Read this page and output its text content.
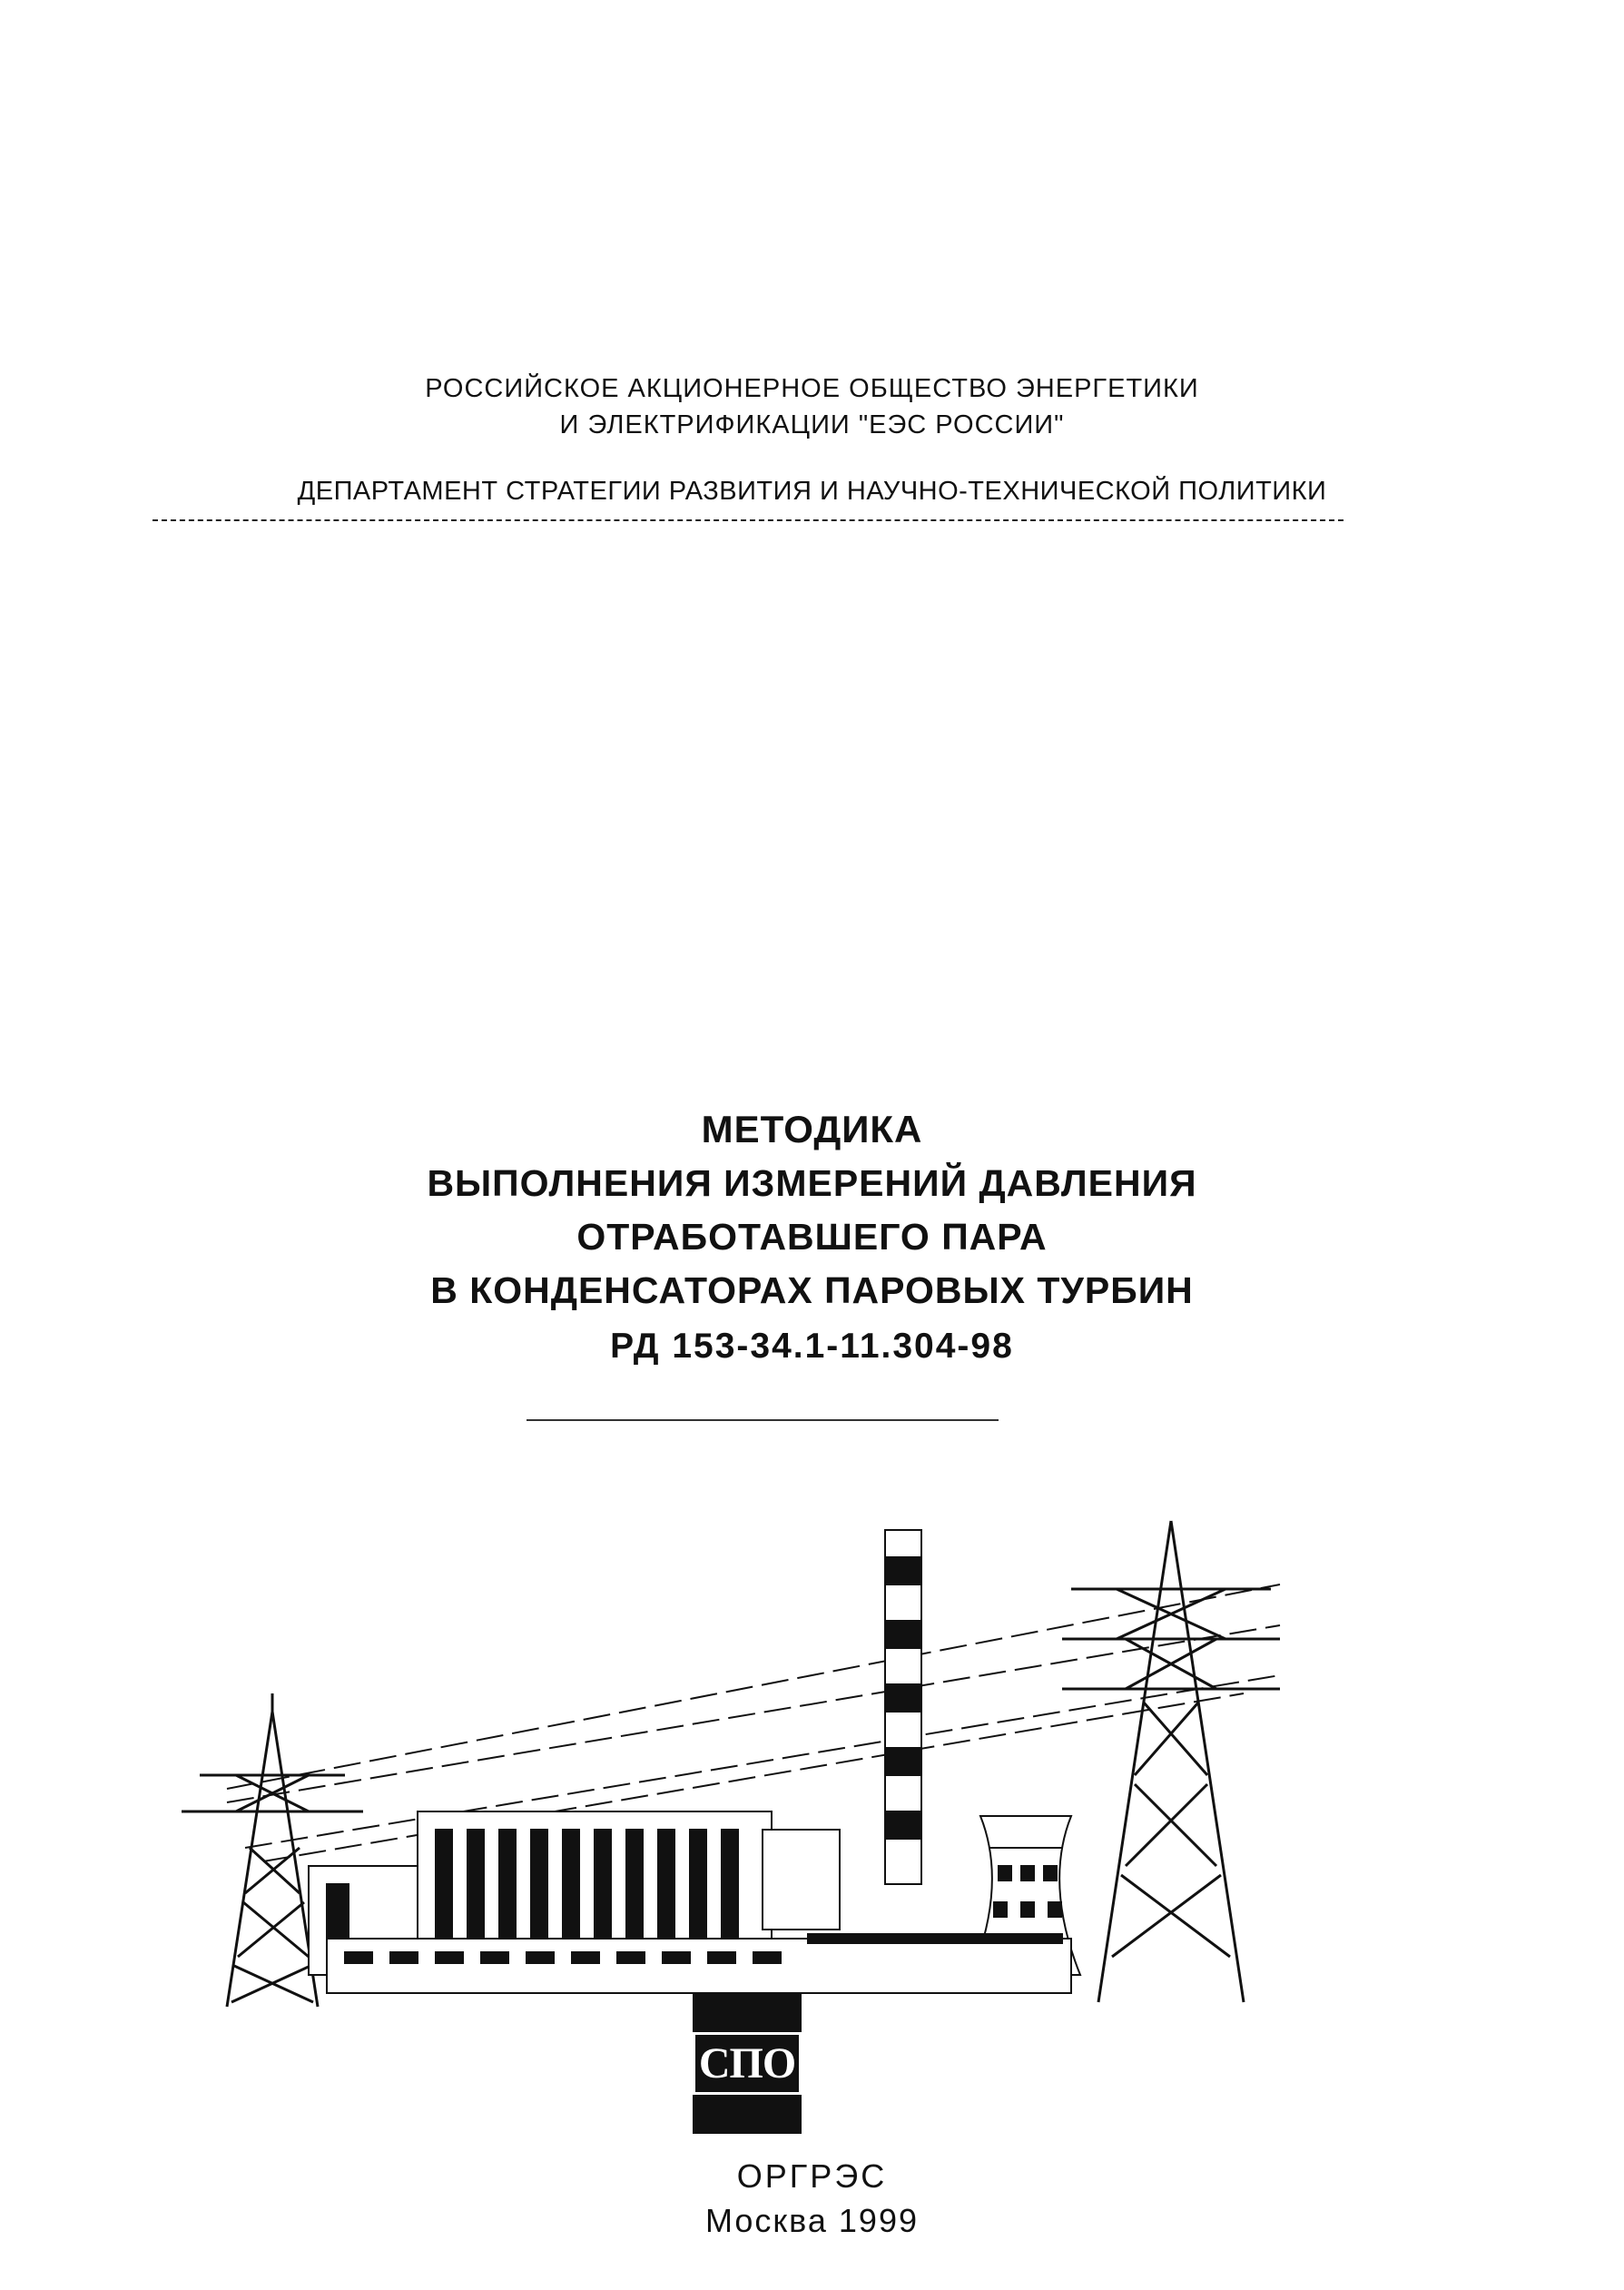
РОССИЙСКОЕ АКЦИОНЕРНОЕ ОБЩЕСТВО ЭНЕРГЕТИКИ
И ЭЛЕКТРИФИКАЦИИ "ЕЭС РОССИИ"
ДЕПАРТАМЕНТ СТРАТЕГИИ РАЗВИТИЯ И НАУЧНО-ТЕХНИЧЕСКОЙ ПОЛИТИКИ
МЕТОДИКА
ВЫПОЛНЕНИЯ ИЗМЕРЕНИЙ ДАВЛЕНИЯ
ОТРАБОТАВШЕГО ПАРА
В КОНДЕНСАТОРАХ ПАРОВЫХ ТУРБИН
РД 153-34.1-11.304-98
СПО
ОРГРЭС
Москва 1999
